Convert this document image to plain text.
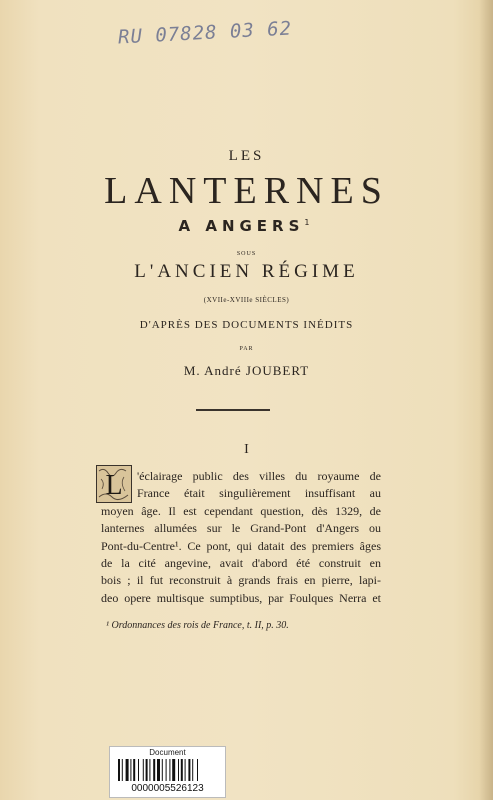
RU 07828 03 62
LES
LANTERNES
A ANGERS$^1$
SOUS
L'ANCIEN RÉGIME
(XVIIe-XVIIIe SIÈCLES)
D'APRÈS DES DOCUMENTS INÉDITS
PAR
M. André JOUBERT
I
L	'éclairage public des villes du royaume de
France était singulièrement insuffisant au
moyen âge. Il est cependant question, dès 1329, de
lanternes allumées sur le Grand-Pont d'Angers ou
Pont-du-Centre¹. Ce pont, qui datait des premiers âges
de la cité angevine, avait d'abord été construit en
bois ; il fut reconstruit à grands frais en pierre, lapi-
deo opere multisque sumptibus, par Foulques Nerra et
¹ Ordonnances des rois de France, t. II, p. 30.
Document
0000005526123
